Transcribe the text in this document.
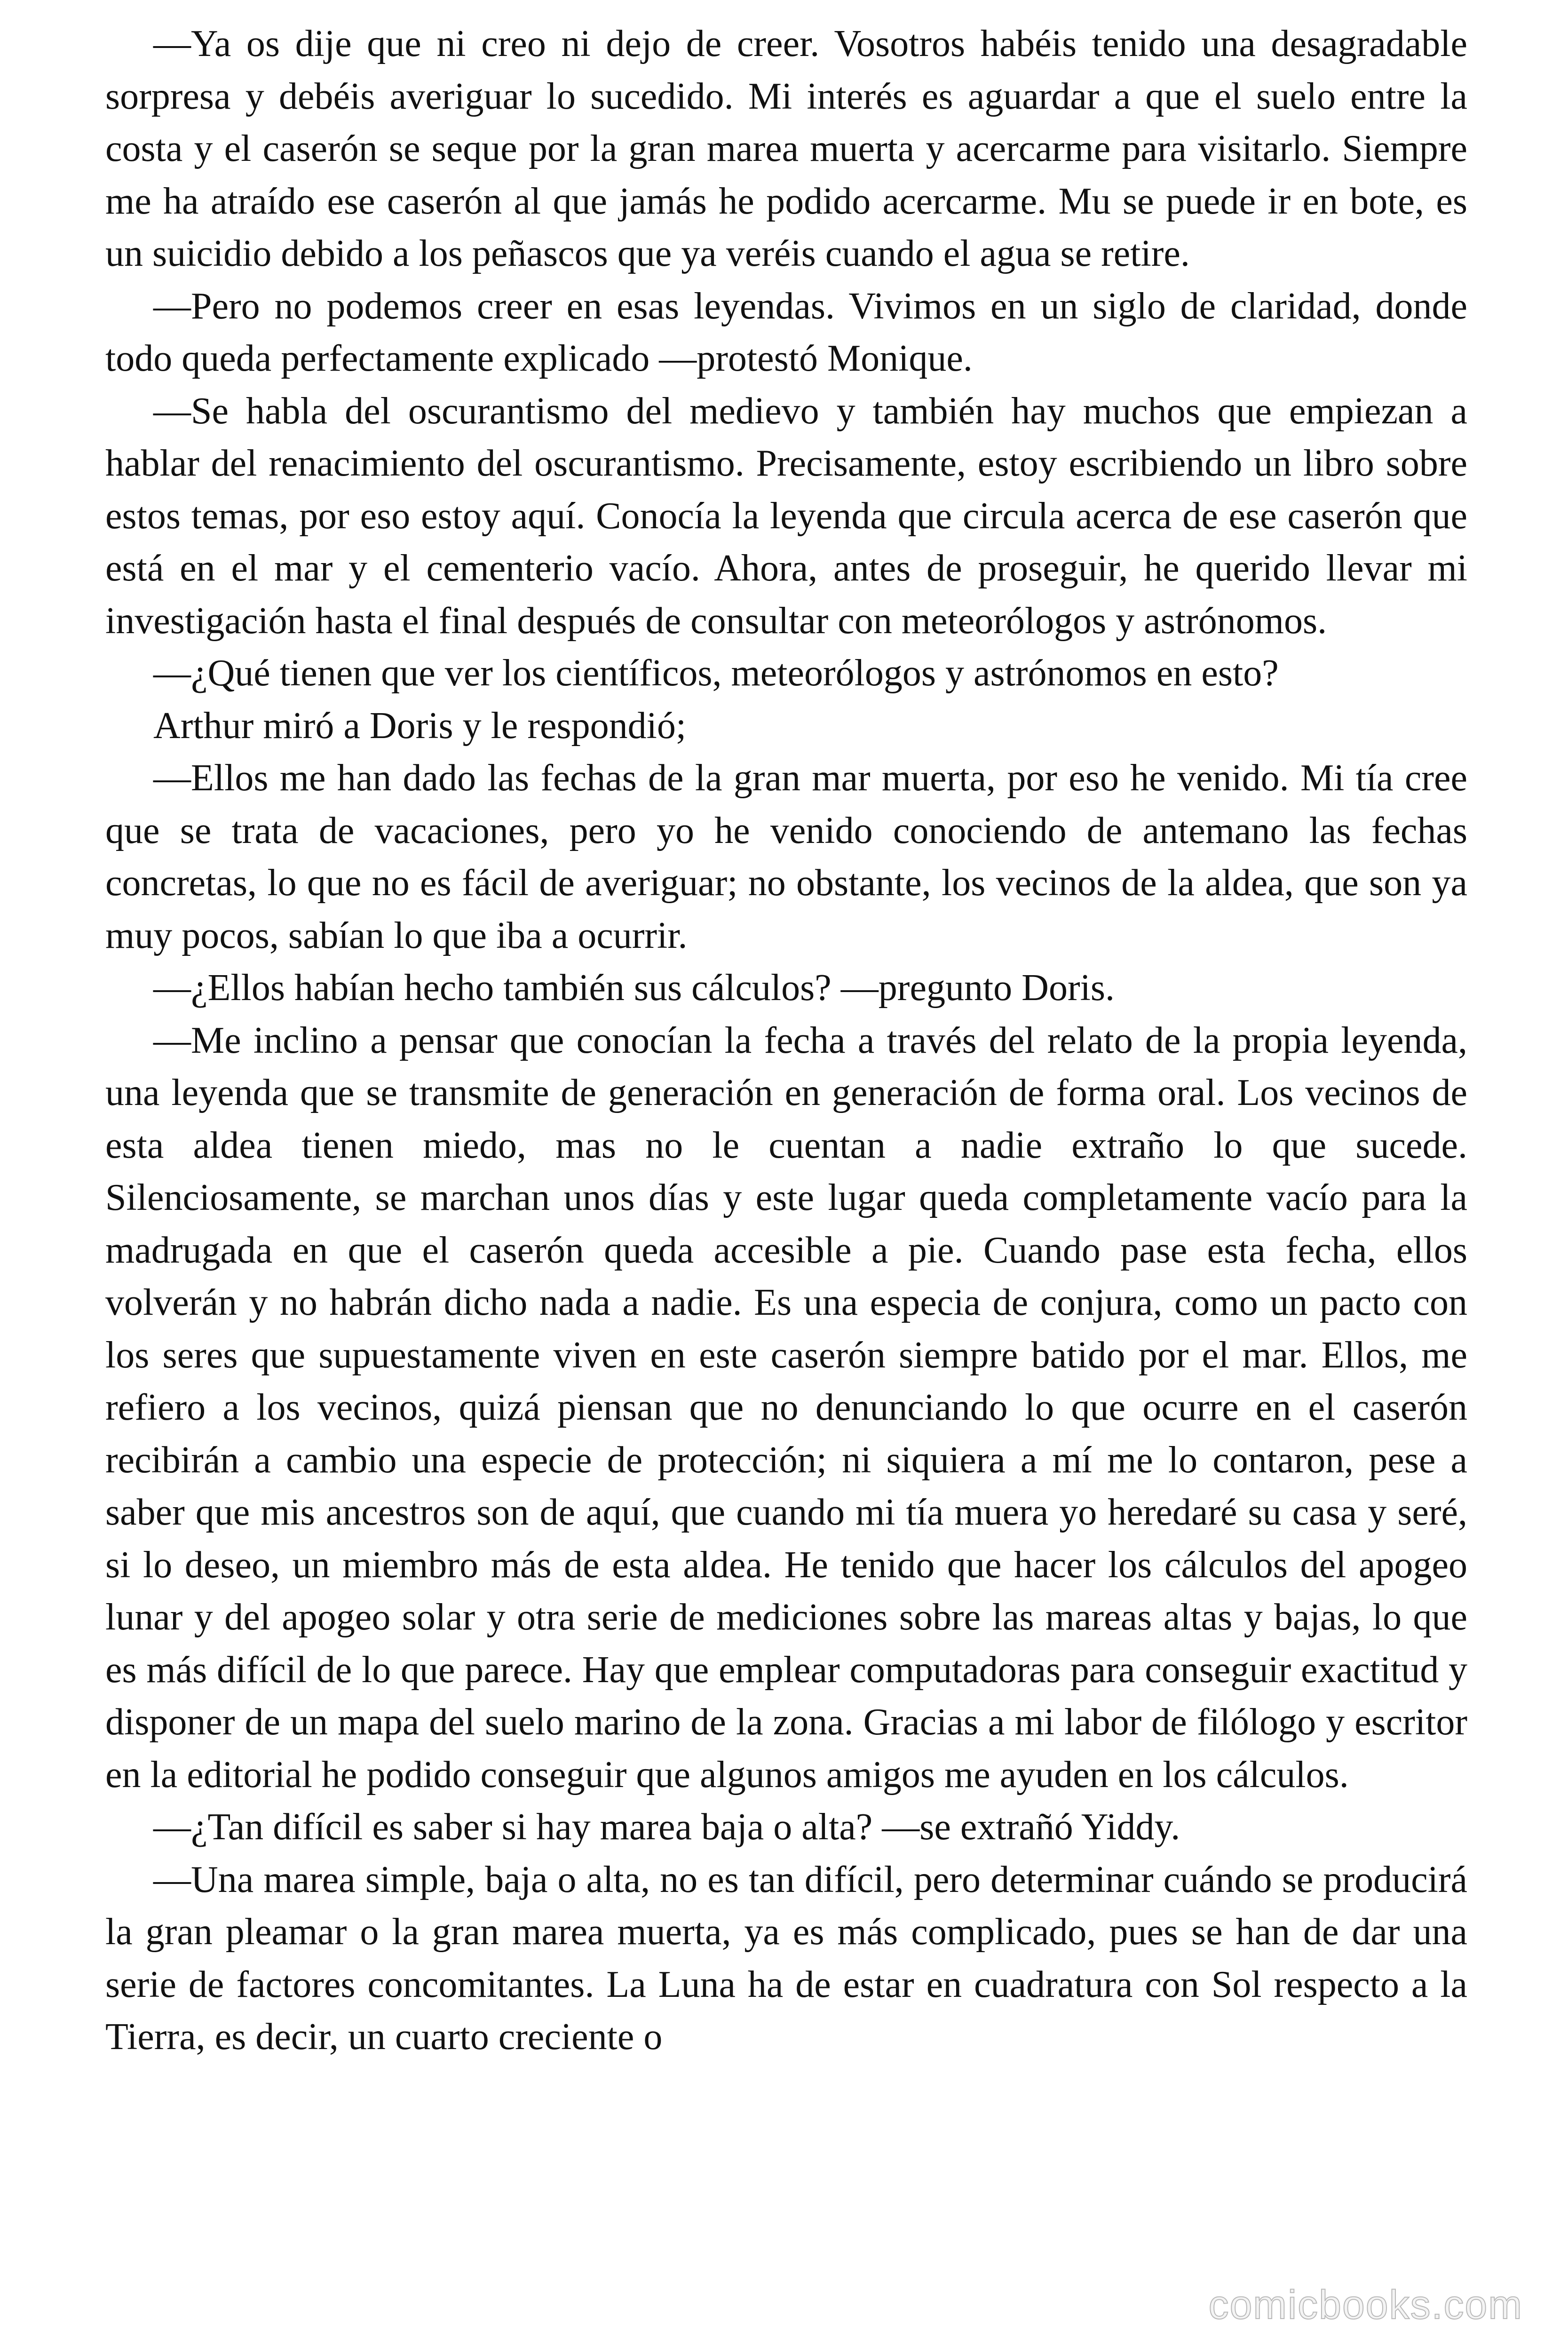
—Ya os dije que ni creo ni dejo de creer. Vosotros habéis tenido una desagradable sorpresa y debéis averiguar lo sucedido. Mi interés es aguardar a que el suelo entre la costa y el caserón se seque por la gran marea muerta y acercarme para visitarlo. Siempre me ha atraído ese caserón al que jamás he podido acercarme. Mu se puede ir en bote, es un suicidio debido a los peñascos que ya veréis cuando el agua se retire.

—Pero no podemos creer en esas leyendas. Vivimos en un siglo de claridad, donde todo queda perfectamente explicado —protestó Monique.

—Se habla del oscurantismo del medievo y también hay muchos que empiezan a hablar del renacimiento del oscurantismo. Precisamente, estoy escribiendo un libro sobre estos temas, por eso estoy aquí. Conocía la leyenda que circula acerca de ese caserón que está en el mar y el cementerio vacío. Ahora, antes de proseguir, he querido llevar mi investigación hasta el final después de consultar con meteorólogos y astrónomos.

—¿Qué tienen que ver los científicos, meteorólogos y astrónomos en esto?

Arthur miró a Doris y le respondió;

—Ellos me han dado las fechas de la gran mar muerta, por eso he venido. Mi tía cree que se trata de vacaciones, pero yo he venido conociendo de antemano las fechas concretas, lo que no es fácil de averiguar; no obstante, los vecinos de la aldea, que son ya muy pocos, sabían lo que iba a ocurrir.

—¿Ellos habían hecho también sus cálculos? —pregunto Doris.

—Me inclino a pensar que conocían la fecha a través del relato de la propia leyenda, una leyenda que se transmite de generación en generación de forma oral. Los vecinos de esta aldea tienen miedo, mas no le cuentan a nadie extraño lo que sucede. Silenciosamente, se marchan unos días y este lugar queda completamente vacío para la madrugada en que el caserón queda accesible a pie. Cuando pase esta fecha, ellos volverán y no habrán dicho nada a nadie. Es una especia de conjura, como un pacto con los seres que supuestamente viven en este caserón siempre batido por el mar. Ellos, me refiero a los vecinos, quizá piensan que no denunciando lo que ocurre en el caserón recibirán a cambio una especie de protección; ni siquiera a mí me lo contaron, pese a saber que mis ancestros son de aquí, que cuando mi tía muera yo heredaré su casa y seré, si lo deseo, un miembro más de esta aldea. He tenido que hacer los cálculos del apogeo lunar y del apogeo solar y otra serie de mediciones sobre las mareas altas y bajas, lo que es más difícil de lo que parece. Hay que emplear computadoras para conseguir exactitud y disponer de un mapa del suelo marino de la zona. Gracias a mi labor de filólogo y escritor en la editorial he podido conseguir que algunos amigos me ayuden en los cálculos.

—¿Tan difícil es saber si hay marea baja o alta? —se extrañó Yiddy.

—Una marea simple, baja o alta, no es tan difícil, pero determinar cuándo se producirá la gran pleamar o la gran marea muerta, ya es más complicado, pues se han de dar una serie de factores concomitantes. La Luna ha de estar en cuadratura con Sol respecto a la Tierra, es decir, un cuarto creciente o

comicbooks.com
